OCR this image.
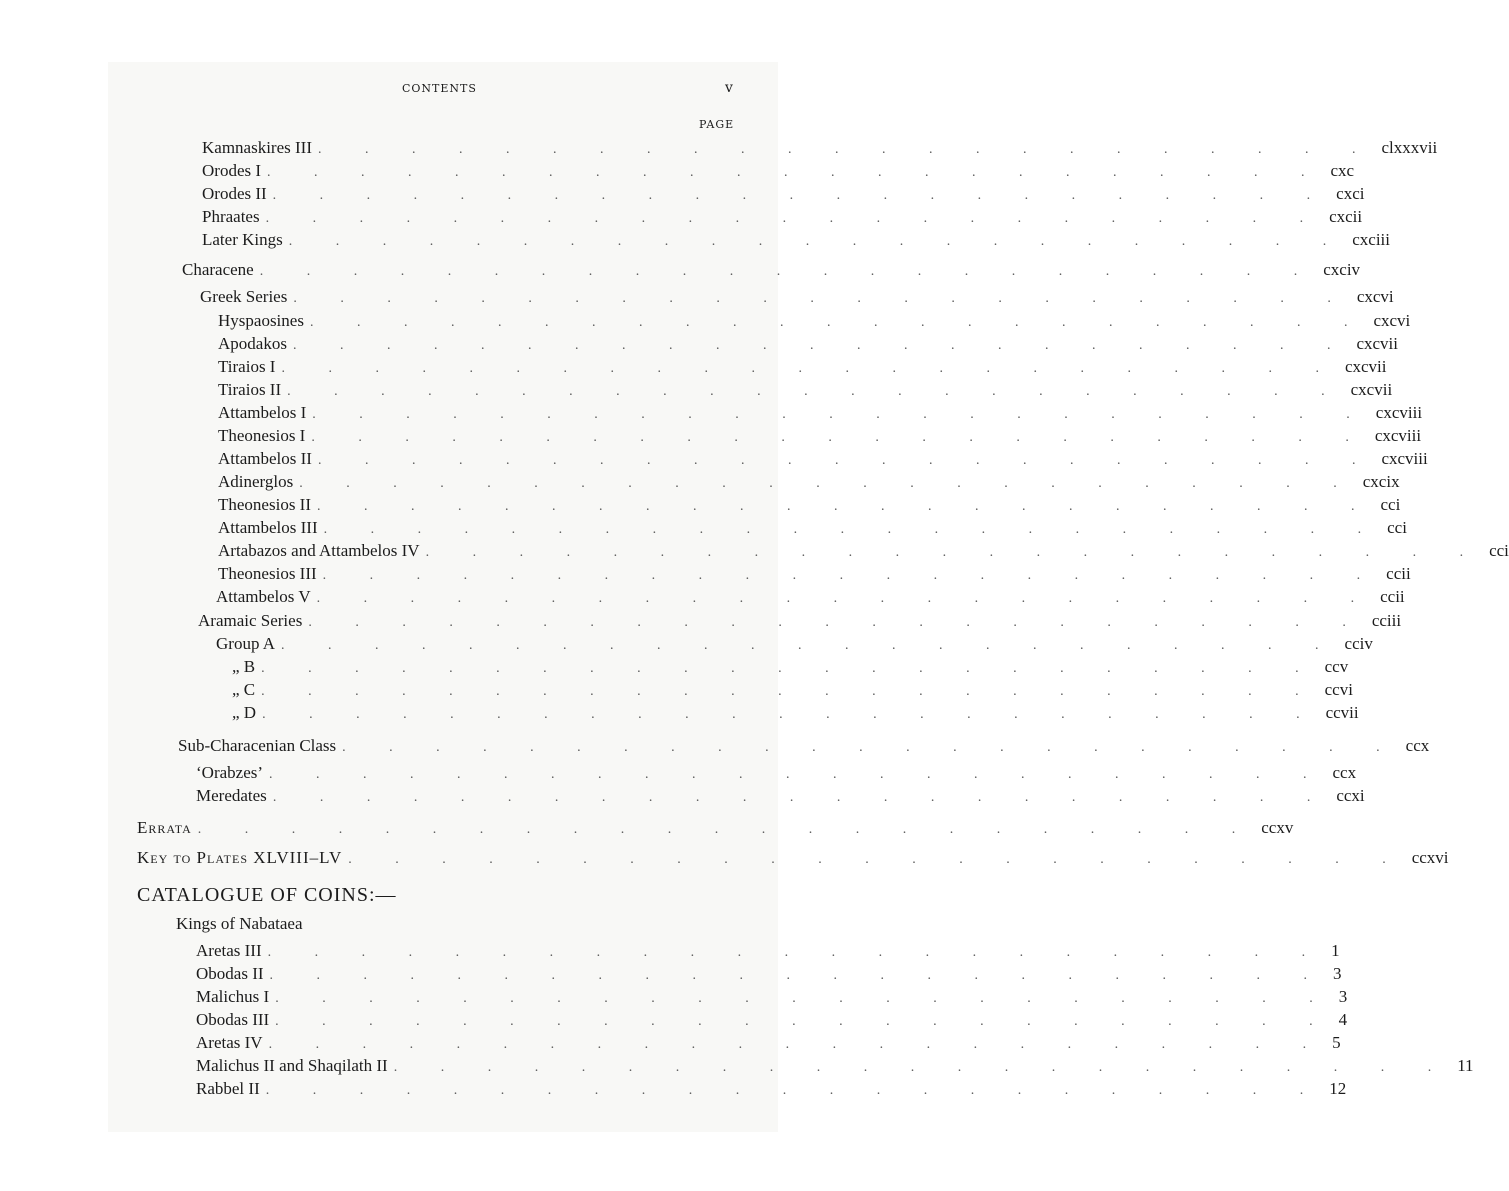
CONTENTS	v
PAGE
Kamnaskires III . . . . . . . . . . . . . . . . . . . . . . . clxxxvii
Orodes I . . . . . . . . . . . . . . . . . . . . . . . cxc
Orodes II . . . . . . . . . . . . . . . . . . . . . . . cxci
Phraates . . . . . . . . . . . . . . . . . . . . . . . cxcii
Later Kings . . . . . . . . . . . . . . . . . . . . . . . cxciii
Characene . . . . . . . . . . . . . . . . . . . . . . . cxciv
Greek Series . . . . . . . . . . . . . . . . . . . . . . . cxcvi
Hyspaosines . . . . . . . . . . . . . . . . . . . . . . . cxcvi
Apodakos . . . . . . . . . . . . . . . . . . . . . . . cxcvii
Tiraios I . . . . . . . . . . . . . . . . . . . . . . . cxcvii
Tiraios II . . . . . . . . . . . . . . . . . . . . . . . cxcvii
Attambelos I . . . . . . . . . . . . . . . . . . . . . . . cxcviii
Theonesios I . . . . . . . . . . . . . . . . . . . . . . . cxcviii
Attambelos II . . . . . . . . . . . . . . . . . . . . . . . cxcviii
Adinerglos . . . . . . . . . . . . . . . . . . . . . . . cxcix
Theonesios II . . . . . . . . . . . . . . . . . . . . . . . cci
Attambelos III . . . . . . . . . . . . . . . . . . . . . . . cci
Artabazos and Attambelos IV . . . . . . . . . . . . . . . . . . . . . . . cci
Theonesios III . . . . . . . . . . . . . . . . . . . . . . . ccii
Attambelos V . . . . . . . . . . . . . . . . . . . . . . . ccii
Aramaic Series . . . . . . . . . . . . . . . . . . . . . . . cciii
Group A . . . . . . . . . . . . . . . . . . . . . . . cciv
„ B . . . . . . . . . . . . . . . . . . . . . . . ccv
„ C . . . . . . . . . . . . . . . . . . . . . . . ccvi
„ D . . . . . . . . . . . . . . . . . . . . . . . ccvii
Sub-Characenian Class . . . . . . . . . . . . . . . . . . . . . . . ccx
‘Orabzes’ . . . . . . . . . . . . . . . . . . . . . . . ccx
Meredates . . . . . . . . . . . . . . . . . . . . . . . ccxi
Errata . . . . . . . . . . . . . . . . . . . . . . . ccxv
Key to Plates XLVIII–LV . . . . . . . . . . . . . . . . . . . . . . . ccxvi
CATALOGUE OF COINS:—
Kings of Nabataea
Aretas III . . . . . . . . . . . . . . . . . . . . . . . 1
Obodas II . . . . . . . . . . . . . . . . . . . . . . . 3
Malichus I . . . . . . . . . . . . . . . . . . . . . . . 3
Obodas III . . . . . . . . . . . . . . . . . . . . . . . 4
Aretas IV . . . . . . . . . . . . . . . . . . . . . . . 5
Malichus II and Shaqilath II . . . . . . . . . . . . . . . . . . . . . . . 11
Rabbel II . . . . . . . . . . . . . . . . . . . . . . . 12
